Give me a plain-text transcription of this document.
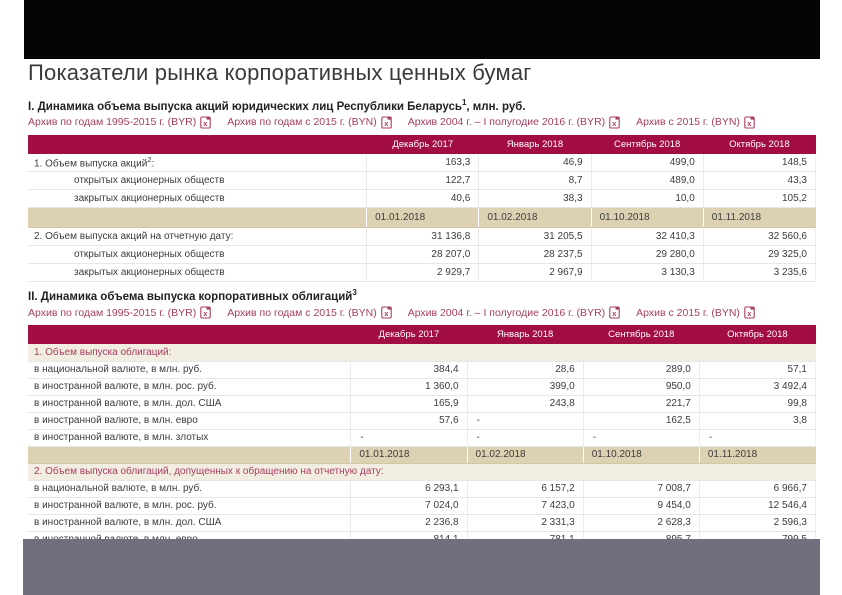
Показатели рынка корпоративных ценных бумаг
I. Динамика объема выпуска акций юридических лиц Республики Беларусь$^1$, млн. руб.
Архив по годам 1995-2015 г. (BYR) x Архив по годам с 2015 г. (BYN) x Архив 2004 г. – I полугодие 2016 г. (BYR) x Архив с 2015 г. (BYN) x
	Декабрь 2017	Январь 2018	Сентябрь 2018	Октябрь 2018
1. Объем выпуска акций$^2$:	163,3	46,9	499,0	148,5
открытых акционерных обществ	122,7	8,7	489,0	43,3
закрытых акционерных обществ	40,6	38,3	10,0	105,2
	01.01.2018	01.02.2018	01.10.2018	01.11.2018
2. Объем выпуска акций на отчетную дату:	31 136,8	31 205,5	32 410,3	32 560,6
открытых акционерных обществ	28 207,0	28 237,5	29 280,0	29 325,0
закрытых акционерных обществ	2 929,7	2 967,9	3 130,3	3 235,6
II. Динамика объема выпуска корпоративных облигаций$^3$
Архив по годам 1995-2015 г. (BYR) x Архив по годам с 2015 г. (BYN) x Архив 2004 г. – I полугодие 2016 г. (BYR) x Архив с 2015 г. (BYN) x
	Декабрь 2017	Январь 2018	Сентябрь 2018	Октябрь 2018
1. Объем выпуска облигаций:				
в национальной валюте, в млн. руб.	384,4	28,6	289,0	57,1
в иностранной валюте, в млн. рос. руб.	1 360,0	399,0	950,0	3 492,4
в иностранной валюте, в млн. дол. США	165,9	243,8	221,7	99,8
в иностранной валюте, в млн. евро	57,6	-	162,5	3,8
в иностранной валюте, в млн. злотых	-	-	-	-
	01.01.2018	01.02.2018	01.10.2018	01.11.2018
2. Объем выпуска облигаций, допущенных к обращению на отчетную дату:				
в национальной валюте, в млн. руб.	6 293,1	6 157,2	7 008,7	6 966,7
в иностранной валюте, в млн. рос. руб.	7 024,0	7 423,0	9 454,0	12 546,4
в иностранной валюте, в млн. дол. США	2 236,8	2 331,3	2 628,3	2 596,3
